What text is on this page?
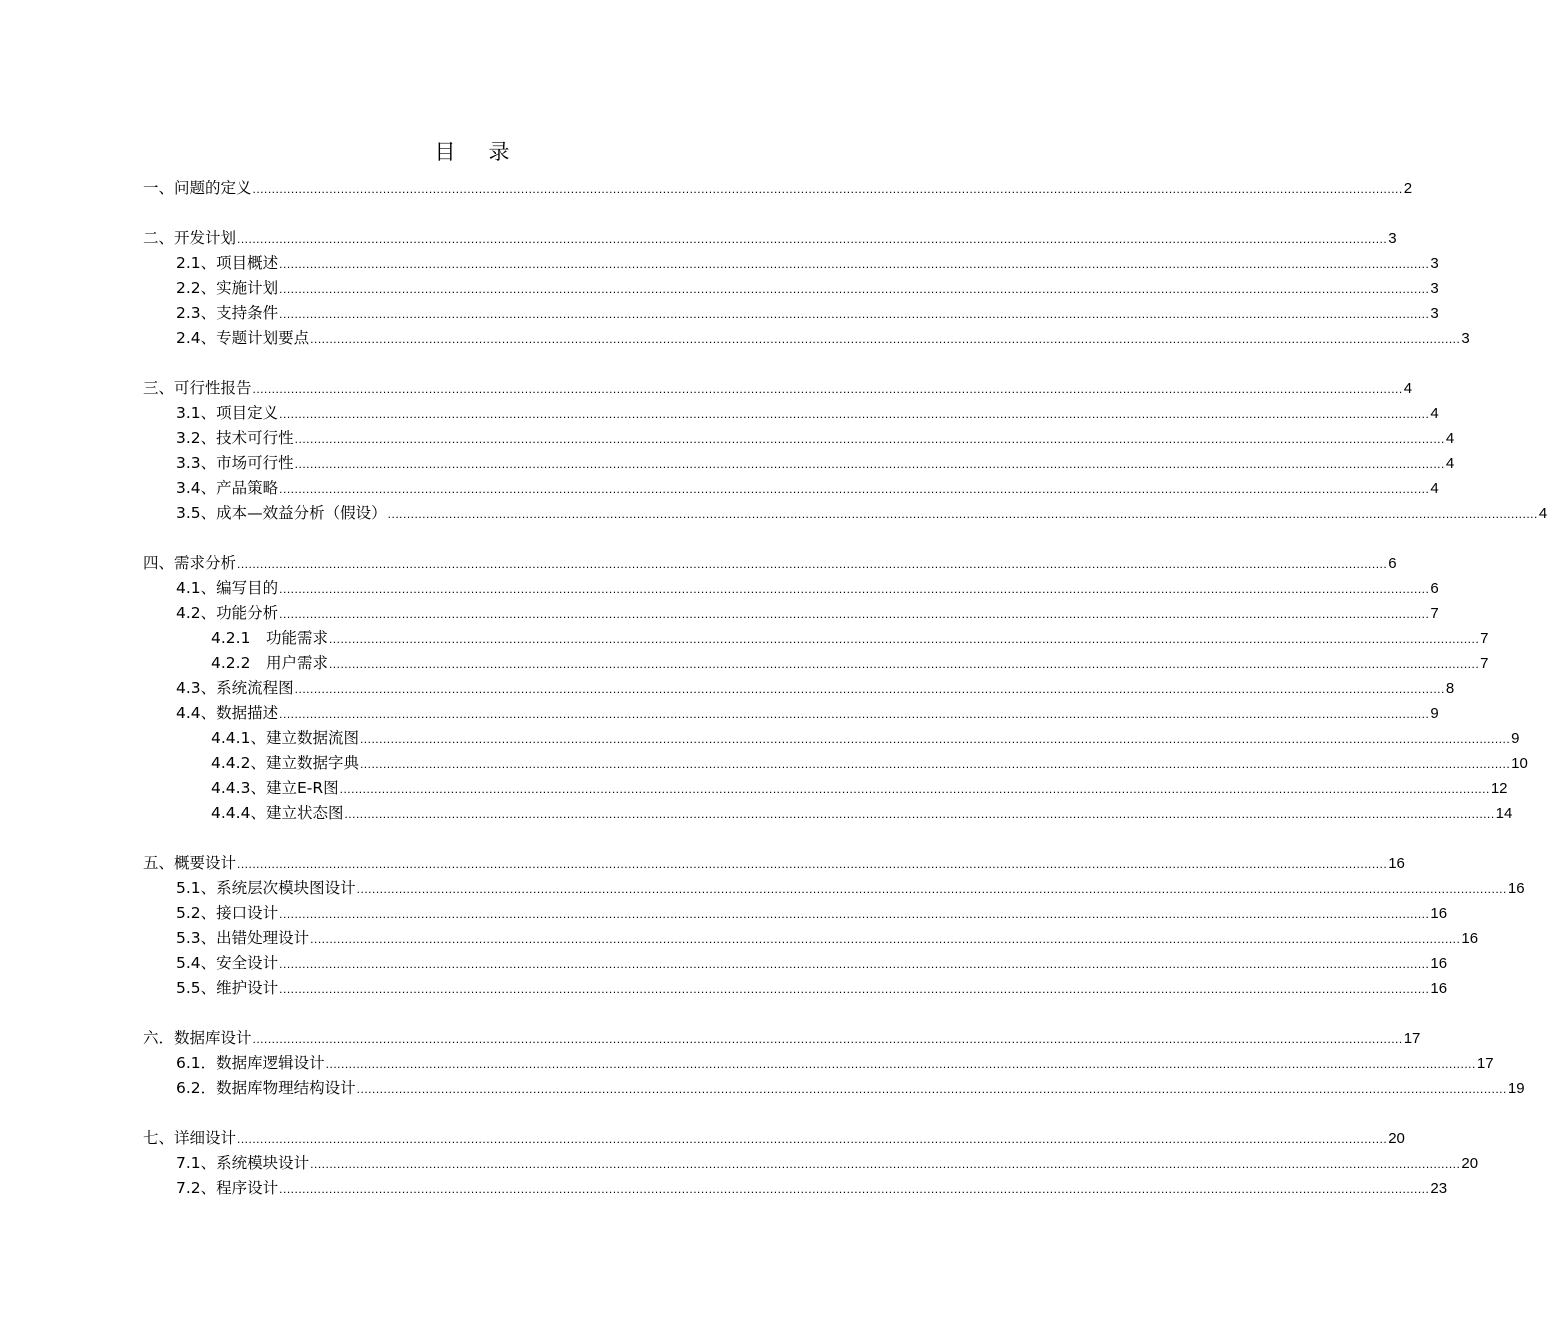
目　录
一、问题的定义 ............................................................................................................................................................................................................................................................................................................ 2
二、开发计划 ............................................................................................................................................................................................................................................................................................................ 3
2.1、项目概述 ............................................................................................................................................................................................................................................................................................................ 3
2.2、实施计划 ............................................................................................................................................................................................................................................................................................................ 3
2.3、支持条件 ............................................................................................................................................................................................................................................................................................................ 3
2.4、专题计划要点 ............................................................................................................................................................................................................................................................................................................ 3
三、可行性报告 ............................................................................................................................................................................................................................................................................................................ 4
3.1、项目定义 ............................................................................................................................................................................................................................................................................................................ 4
3.2、技术可行性 ............................................................................................................................................................................................................................................................................................................ 4
3.3、市场可行性 ............................................................................................................................................................................................................................................................................................................ 4
3.4、产品策略 ............................................................................................................................................................................................................................................................................................................ 4
3.5、成本—效益分析（假设） ............................................................................................................................................................................................................................................................................................................ 4
四、需求分析 ............................................................................................................................................................................................................................................................................................................ 6
4.1、编写目的 ............................................................................................................................................................................................................................................................................................................ 6
4.2、功能分析 ............................................................................................................................................................................................................................................................................................................ 7
4.2.1　功能需求 ............................................................................................................................................................................................................................................................................................................ 7
4.2.2　用户需求 ............................................................................................................................................................................................................................................................................................................ 7
4.3、系统流程图 ............................................................................................................................................................................................................................................................................................................ 8
4.4、数据描述 ............................................................................................................................................................................................................................................................................................................ 9
4.4.1、建立数据流图 ............................................................................................................................................................................................................................................................................................................ 9
4.4.2、建立数据字典 ............................................................................................................................................................................................................................................................................................................ 10
4.4.3、建立E-R图 ............................................................................................................................................................................................................................................................................................................ 12
4.4.4、建立状态图 ............................................................................................................................................................................................................................................................................................................ 14
五、概要设计 ............................................................................................................................................................................................................................................................................................................ 16
5.1、系统层次模块图设计 ............................................................................................................................................................................................................................................................................................................ 16
5.2、接口设计 ............................................................................................................................................................................................................................................................................................................ 16
5.3、出错处理设计 ............................................................................................................................................................................................................................................................................................................ 16
5.4、安全设计 ............................................................................................................................................................................................................................................................................................................ 16
5.5、维护设计 ............................................................................................................................................................................................................................................................................................................ 16
六．数据库设计 ............................................................................................................................................................................................................................................................................................................ 17
6.1．数据库逻辑设计 ............................................................................................................................................................................................................................................................................................................ 17
6.2．数据库物理结构设计 ............................................................................................................................................................................................................................................................................................................ 19
七、详细设计 ............................................................................................................................................................................................................................................................................................................ 20
7.1、系统模块设计 ............................................................................................................................................................................................................................................................................................................ 20
7.2、程序设计 ............................................................................................................................................................................................................................................................................................................ 23
